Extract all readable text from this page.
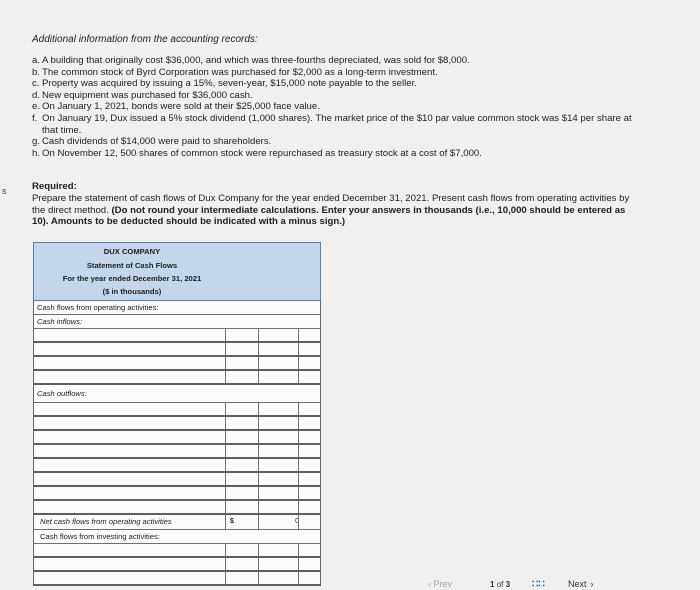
Additional information from the accounting records:
a. A building that originally cost $36,000, and which was three-fourths depreciated, was sold for $8,000.
b. The common stock of Byrd Corporation was purchased for $2,000 as a long-term investment.
c. Property was acquired by issuing a 15%, seven-year, $15,000 note payable to the seller.
d. New equipment was purchased for $36,000 cash.
e. On January 1, 2021, bonds were sold at their $25,000 face value.
f. On January 19, Dux issued a 5% stock dividend (1,000 shares). The market price of the $10 par value common stock was $14 per share at that time.
g. Cash dividends of $14,000 were paid to shareholders.
h. On November 12, 500 shares of common stock were repurchased as treasury stock at a cost of $7,000.
s	Required:
Prepare the statement of cash flows of Dux Company for the year ended December 31, 2021. Present cash flows from operating activities by the direct method. (Do not round your intermediate calculations. Enter your answers in thousands (i.e., 10,000 should be entered as 10). Amounts to be deducted should be indicated with a minus sign.)
DUX COMPANY
Statement of Cash Flows
For the year ended December 31, 2021
($ in thousands)
Cash flows from operating activities:
Cash inflows:
Cash outflows:
Net cash flows from operating activities	$	0
Cash flows from investing activities:
‹ Prev	1 of 3 ∷∷	Next ›
